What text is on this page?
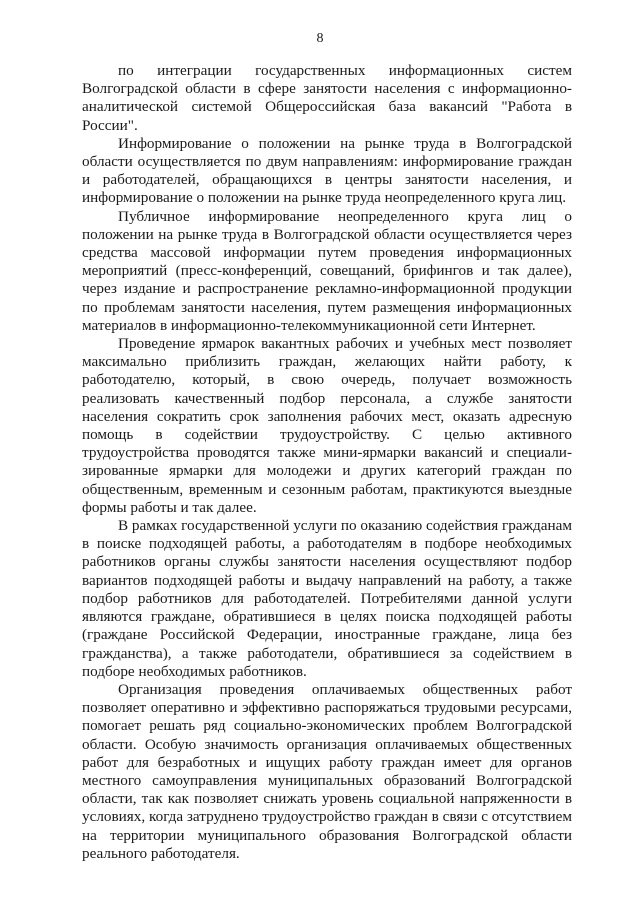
8

по интеграции государственных информационных систем Волгоградской области в сфере занятости населения с информационно-аналитической системой Общероссийская база вакансий "Работа в России".

Информирование о положении на рынке труда в Волгоградской области осуществляется по двум направлениям: информирование граждан и работодателей, обращающихся в центры занятости населения, и информирование о положении на рынке труда неопределенного круга лиц.

Публичное информирование неопределенного круга лиц о положении на рынке труда в Волгоградской области осуществляется через средства массовой информации путем проведения информационных мероприятий (пресс-конференций, совещаний, брифингов и так далее), через издание и распространение рекламно-информационной продукции по проблемам занятости населения, путем размещения информационных материалов в информационно-телекоммуникационной сети Интернет.

Проведение ярмарок вакантных рабочих и учебных мест позволяет максимально приблизить граждан, желающих найти работу, к работодателю, который, в свою очередь, получает возможность реализовать качественный подбор персонала, а службе занятости населения сократить срок заполнения рабочих мест, оказать адресную помощь в содействии трудоустройству. С целью активного трудоустройства проводятся также мини-ярмарки вакансий и специализированные ярмарки для молодежи и других категорий граждан по общественным, временным и сезонным работам, практикуются выездные формы работы и так далее.

В рамках государственной услуги по оказанию содействия гражданам в поиске подходящей работы, а работодателям в подборе необходимых работников органы службы занятости населения осуществляют подбор вариантов подходящей работы и выдачу направлений на работу, а также подбор работников для работодателей. Потребителями данной услуги являются граждане, обратившиеся в целях поиска подходящей работы (граждане Российской Федерации, иностранные граждане, лица без гражданства), а также работодатели, обратившиеся за содействием в подборе необходимых работников.

Организация проведения оплачиваемых общественных работ позволяет оперативно и эффективно распоряжаться трудовыми ресурсами, помогает решать ряд социально-экономических проблем Волгоградской области. Особую значимость организация оплачиваемых общественных работ для безработных и ищущих работу граждан имеет для органов местного самоуправления муниципальных образований Волгоградской области, так как позволяет снижать уровень социальной напряженности в условиях, когда затруднено трудоустройство граждан в связи с отсутствием на территории муниципального образования Волгоградской области реального работодателя.
